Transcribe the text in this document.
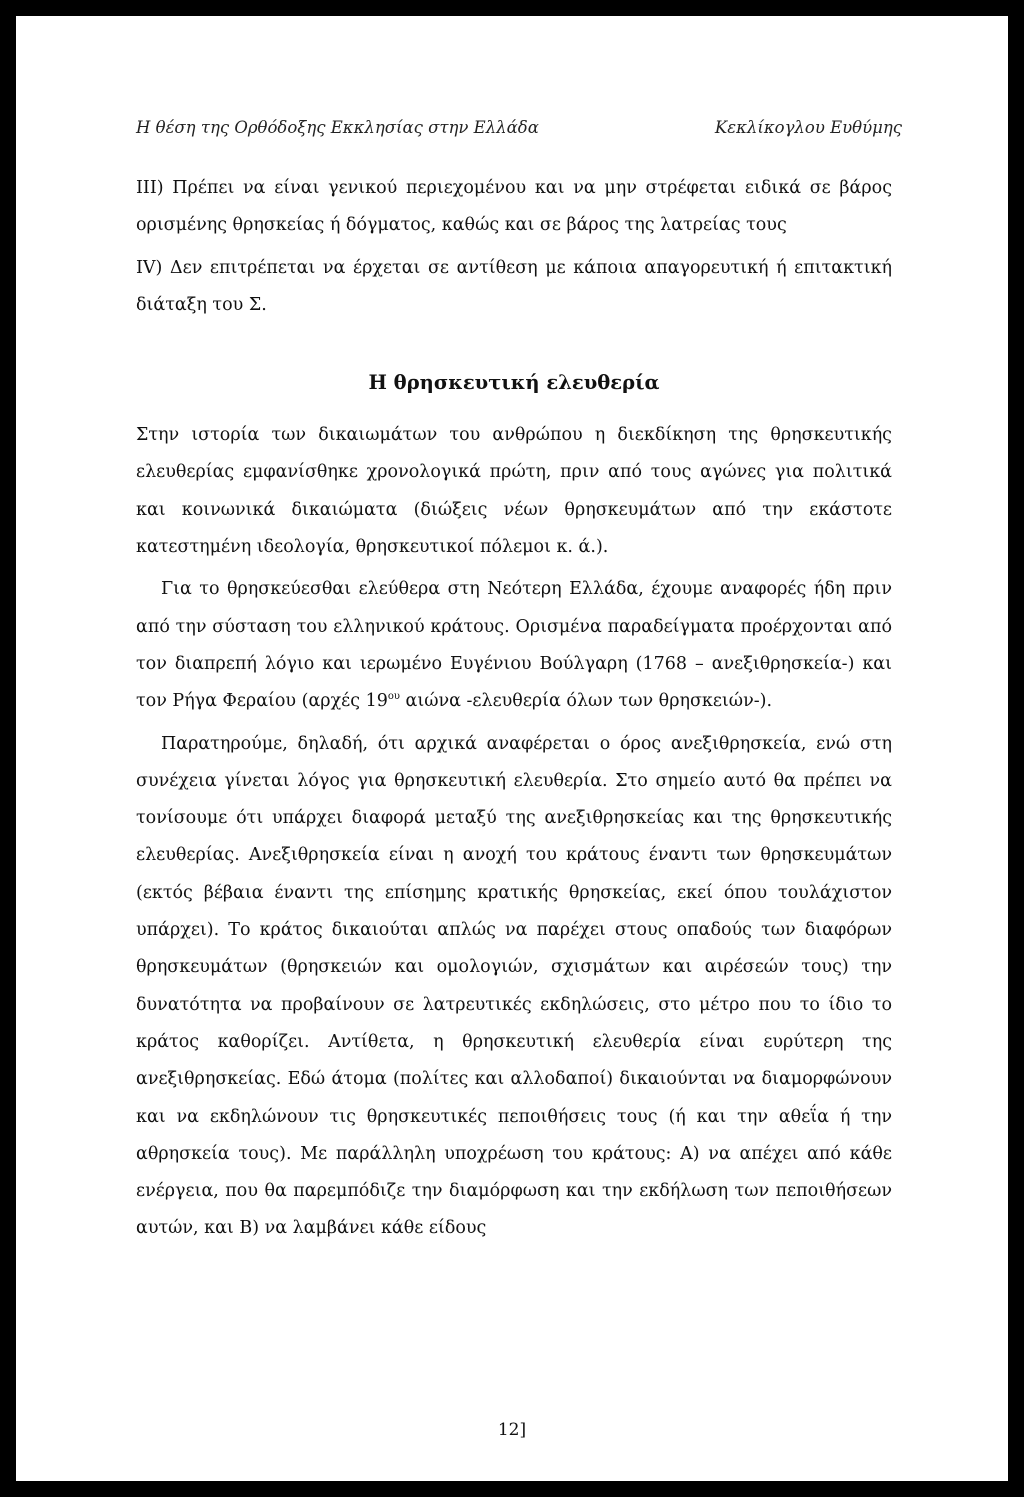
Η θέση της Ορθόδοξης Εκκλησίας στην Ελλάδα	Κεκλίκογλου Ευθύμης

III) Πρέπει να είναι γενικού περιεχομένου και να μην στρέφεται ειδικά σε βάρος ορισμένης θρησκείας ή δόγματος, καθώς και σε βάρος της λατρείας τους

IV) Δεν επιτρέπεται να έρχεται σε αντίθεση με κάποια απαγορευτική ή επιτακτική διάταξη του Σ.

Η θρησκευτική ελευθερία

Στην ιστορία των δικαιωμάτων του ανθρώπου η διεκδίκηση της θρησκευτικής ελευθερίας εμφανίσθηκε χρονολογικά πρώτη, πριν από τους αγώνες για πολιτικά και κοινωνικά δικαιώματα (διώξεις νέων θρησκευμάτων από την εκάστοτε κατεστημένη ιδεολογία, θρησκευτικοί πόλεμοι κ. ά.).

Για το θρησκεύεσθαι ελεύθερα στη Νεότερη Ελλάδα, έχουμε αναφορές ήδη πριν από την σύσταση του ελληνικού κράτους. Ορισμένα παραδείγματα προέρχονται από τον διαπρεπή λόγιο και ιερωμένο Ευγένιου Βούλγαρη (1768 – ανεξιθρησκεία-) και τον Ρήγα Φεραίου (αρχές $19^{o\upsilon}$ αιώνα -ελευθερία όλων των θρησκειών-).

Παρατηρούμε, δηλαδή, ότι αρχικά αναφέρεται ο όρος ανεξιθρησκεία, ενώ στη συνέχεια γίνεται λόγος για θρησκευτική ελευθερία. Στο σημείο αυτό θα πρέπει να τονίσουμε ότι υπάρχει διαφορά μεταξύ της ανεξιθρησκείας και της θρησκευτικής ελευθερίας. Ανεξιθρησκεία είναι η ανοχή του κράτους έναντι των θρησκευμάτων (εκτός βέβαια έναντι της επίσημης κρατικής θρησκείας, εκεί όπου τουλάχιστον υπάρχει). Το κράτος δικαιούται απλώς να παρέχει στους οπαδούς των διαφόρων θρησκευμάτων (θρησκειών και ομολογιών, σχισμάτων και αιρέσεών τους) την δυνατότητα να προβαίνουν σε λατρευτικές εκδηλώσεις, στο μέτρο που το ίδιο το κράτος καθορίζει. Αντίθετα, η θρησκευτική ελευθερία είναι ευρύτερη της ανεξιθρησκείας. Εδώ άτομα (πολίτες και αλλοδαποί) δικαιούνται να διαμορφώνουν και να εκδηλώνουν τις θρησκευτικές πεποιθήσεις τους (ή και την αθεΐα ή την αθρησκεία τους). Με παράλληλη υποχρέωση του κράτους: Α) να απέχει από κάθε ενέργεια, που θα παρεμπόδιζε την διαμόρφωση και την εκδήλωση των πεποιθήσεων αυτών, και Β) να λαμβάνει κάθε είδους

12]
